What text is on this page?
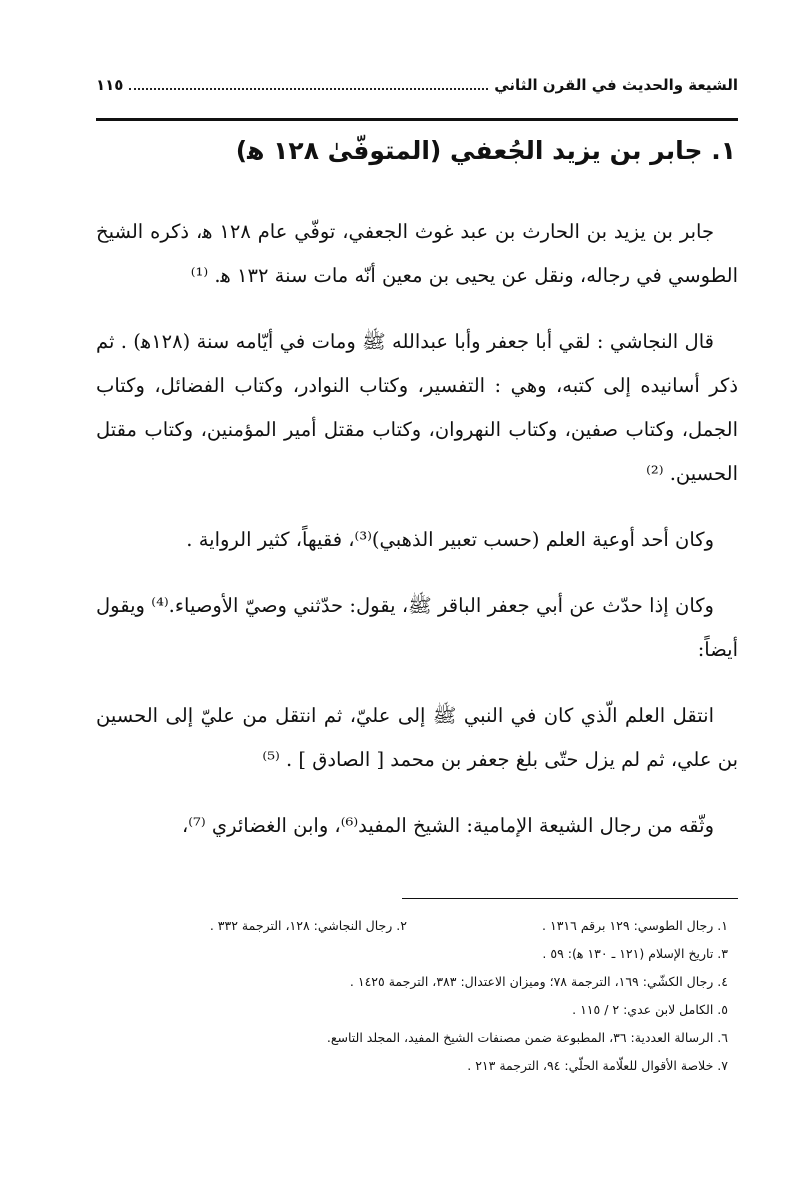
الشيعة والحديث في القرن الثاني
١١٥
١. جابر بن يزيد الجُعفي (المتوفّىٰ ١٢٨ ﻫ)

جابر بن يزيد بن الحارث بن عبد غوث الجعفي، توفّي عام ١٢٨ ﻫ، ذكره الشيخ الطوسي في رجاله، ونقل عن يحيى بن معين أنّه مات سنة ١٣٢ ﻫ. ⁽¹⁾

قال النجاشي : لقي أبا جعفر وأبا عبدالله ﷺ ومات في أيّامه سنة (١٢٨ﻫ) . ثم ذكر أسانيده إلى كتبه، وهي : التفسير، وكتاب النوادر، وكتاب الفضائل، وكتاب الجمل، وكتاب صفين، وكتاب النهروان، وكتاب مقتل أمير المؤمنين، وكتاب مقتل الحسين. ⁽²⁾

وكان أحد أوعية العلم (حسب تعبير الذهبي)⁽³⁾، فقيهاً، كثير الرواية .

وكان إذا حدّث عن أبي جعفر الباقر ﷺ، يقول: حدّثني وصيّ الأوصياء.⁽⁴⁾ ويقول أيضاً:

انتقل العلم الّذي كان في النبي ﷺ إلى عليّ، ثم انتقل من عليّ إلى الحسين بن علي، ثم لم يزل حتّى بلغ جعفر بن محمد [ الصادق ] . ⁽⁵⁾

وثّقه من رجال الشيعة الإمامية: الشيخ المفيد⁽⁶⁾، وابن الغضائري ⁽⁷⁾،

١. رجال الطوسي: ١٢٩ برقم ١٣١٦ .
٢. رجال النجاشي: ١٢٨، الترجمة ٣٣٢ .
٣. تاريخ الإسلام (١٢١ ـ ١٣٠ ﻫ): ٥٩ .
٤. رجال الكشّي: ١٦٩، الترجمة ٧٨؛ وميزان الاعتدال: ٣٨٣، الترجمة ١٤٢٥ .
٥. الكامل لابن عدي: ٢ / ١١٥ .
٦. الرسالة العددية: ٣٦، المطبوعة ضمن مصنفات الشيخ المفيد، المجلد التاسع.
٧. خلاصة الأقوال للعلّامة الحلّي: ٩٤، الترجمة ٢١٣ .
